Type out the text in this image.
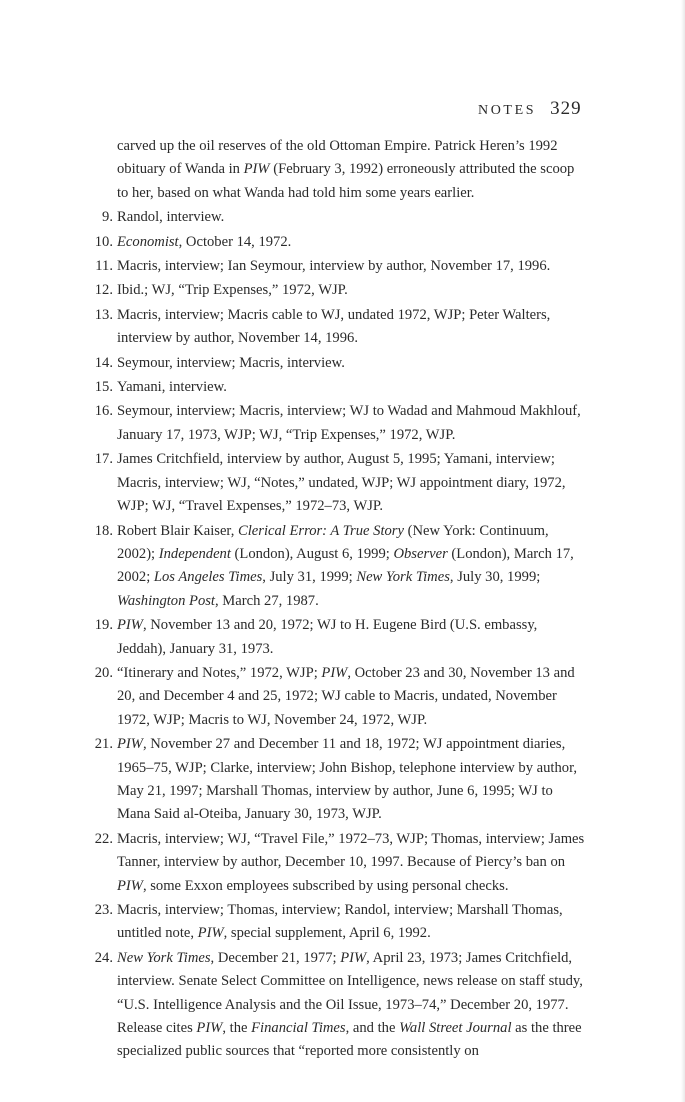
NOTES 329
carved up the oil reserves of the old Ottoman Empire. Patrick Heren’s 1992 obituary of Wanda in PIW (February 3, 1992) erroneously attributed the scoop to her, based on what Wanda had told him some years earlier.
9. Randol, interview.
10. Economist, October 14, 1972.
11. Macris, interview; Ian Seymour, interview by author, November 17, 1996.
12. Ibid.; WJ, “Trip Expenses,” 1972, WJP.
13. Macris, interview; Macris cable to WJ, undated 1972, WJP; Peter Walters, interview by author, November 14, 1996.
14. Seymour, interview; Macris, interview.
15. Yamani, interview.
16. Seymour, interview; Macris, interview; WJ to Wadad and Mahmoud Makhlouf, January 17, 1973, WJP; WJ, “Trip Expenses,” 1972, WJP.
17. James Critchfield, interview by author, August 5, 1995; Yamani, interview; Macris, interview; WJ, “Notes,” undated, WJP; WJ appointment diary, 1972, WJP; WJ, “Travel Expenses,” 1972–73, WJP.
18. Robert Blair Kaiser, Clerical Error: A True Story (New York: Continuum, 2002); Independent (London), August 6, 1999; Observer (London), March 17, 2002; Los Angeles Times, July 31, 1999; New York Times, July 30, 1999; Washington Post, March 27, 1987.
19. PIW, November 13 and 20, 1972; WJ to H. Eugene Bird (U.S. embassy, Jeddah), January 31, 1973.
20. “Itinerary and Notes,” 1972, WJP; PIW, October 23 and 30, November 13 and 20, and December 4 and 25, 1972; WJ cable to Macris, undated, November 1972, WJP; Macris to WJ, November 24, 1972, WJP.
21. PIW, November 27 and December 11 and 18, 1972; WJ appointment diaries, 1965–75, WJP; Clarke, interview; John Bishop, telephone interview by author, May 21, 1997; Marshall Thomas, interview by author, June 6, 1995; WJ to Mana Said al-Oteiba, January 30, 1973, WJP.
22. Macris, interview; WJ, “Travel File,” 1972–73, WJP; Thomas, interview; James Tanner, interview by author, December 10, 1997. Because of Piercy’s ban on PIW, some Exxon employees subscribed by using personal checks.
23. Macris, interview; Thomas, interview; Randol, interview; Marshall Thomas, untitled note, PIW, special supplement, April 6, 1992.
24. New York Times, December 21, 1977; PIW, April 23, 1973; James Critchfield, interview. Senate Select Committee on Intelligence, news release on staff study, “U.S. Intelligence Analysis and the Oil Issue, 1973–74,” December 20, 1977. Release cites PIW, the Financial Times, and the Wall Street Journal as the three specialized public sources that “reported more consistently on
